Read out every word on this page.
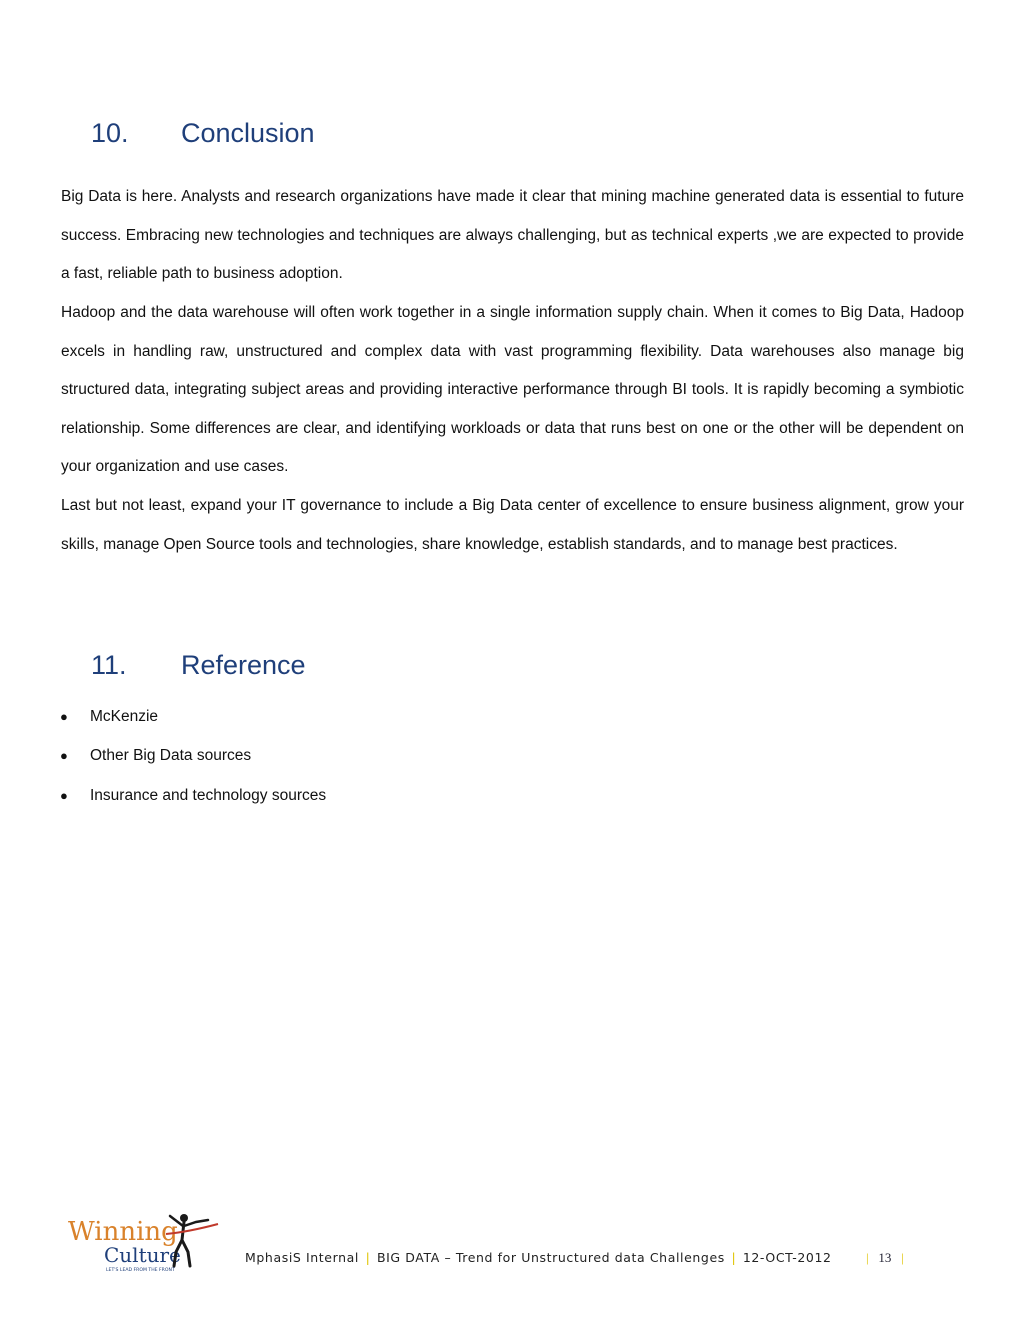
10. Conclusion

Big Data is here. Analysts and research organizations have made it clear that mining machine generated data is essential to future success. Embracing new technologies and techniques are always challenging, but as technical experts ,we are expected to provide a fast, reliable path to business adoption.

Hadoop and the data warehouse will often work together in a single information supply chain. When it comes to Big Data, Hadoop excels in handling raw, unstructured and complex data with vast programming flexibility. Data warehouses also manage big structured data, integrating subject areas and providing interactive performance through BI tools. It is rapidly becoming a symbiotic relationship. Some differences are clear, and identifying workloads or data that runs best on one or the other will be dependent on your organization and use cases.

Last but not least, expand your IT governance to include a Big Data center of excellence to ensure business alignment, grow your skills, manage Open Source tools and technologies, share knowledge, establish standards, and to manage best practices.

11. Reference
●	McKenzie
●	Other Big Data sources
●	Insurance and technology sources
Winning
Culture
LET'S LEAD FROM THE FRONT
MphasiS Internal | BIG DATA – Trend for Unstructured data Challenges | 12-OCT-2012	| 13 |
